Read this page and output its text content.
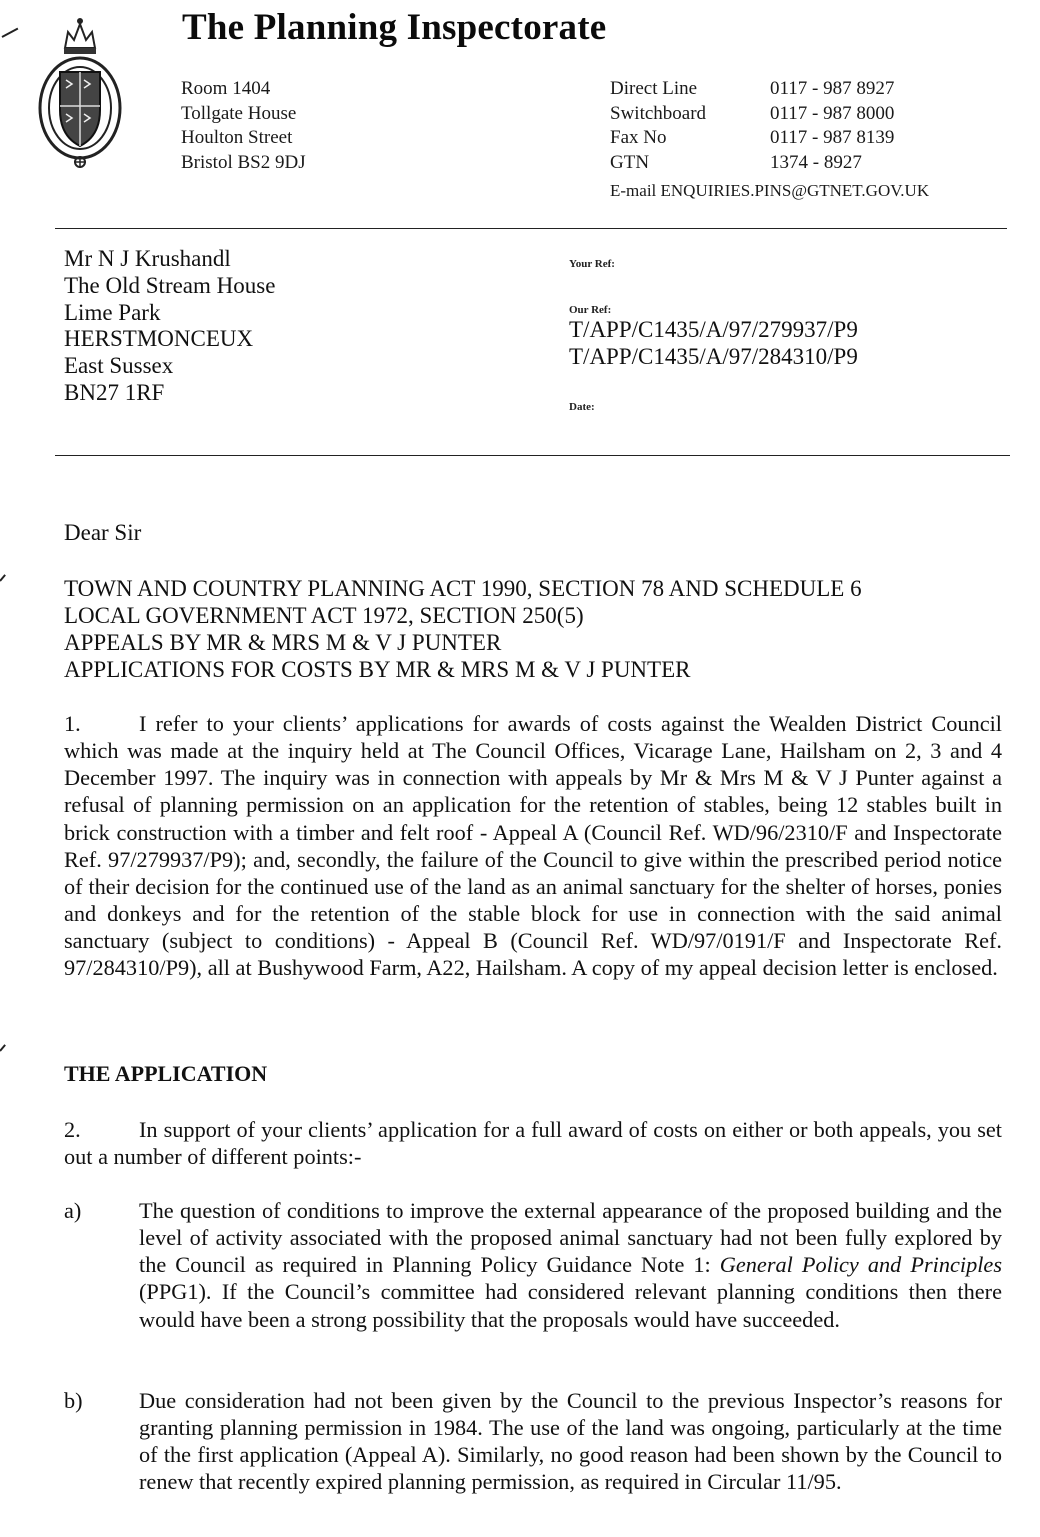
The Planning Inspectorate
Room 1404
Tollgate House
Houlton Street
Bristol BS2 9DJ
Direct Line	0117 - 987 8927
Switchboard	0117 - 987 8000
Fax No	0117 - 987 8139
GTN	1374 - 8927
E-mail ENQUIRIES.PINS@GTNET.GOV.UK
Mr N J Krushandl
The Old Stream House
Lime Park
HERSTMONCEUX
East Sussex
BN27 1RF
Your Ref:
Our Ref:
T/APP/C1435/A/97/279937/P9
T/APP/C1435/A/97/284310/P9
Date:
Dear Sir
TOWN AND COUNTRY PLANNING ACT 1990, SECTION 78 AND SCHEDULE 6
LOCAL GOVERNMENT ACT 1972, SECTION 250(5)
APPEALS BY MR & MRS M & V J PUNTER
APPLICATIONS FOR COSTS BY MR & MRS M & V J PUNTER
1.	I refer to your clients’ applications for awards of costs against the Wealden District Council which was made at the inquiry held at The Council Offices, Vicarage Lane, Hailsham on 2, 3 and 4 December 1997. The inquiry was in connection with appeals by Mr & Mrs M & V J Punter against a refusal of planning permission on an application for the retention of stables, being 12 stables built in brick construction with a timber and felt roof - Appeal A (Council Ref. WD/96/2310/F and Inspectorate Ref. 97/279937/P9); and, secondly, the failure of the Council to give within the prescribed period notice of their decision for the continued use of the land as an animal sanctuary for the shelter of horses, ponies and donkeys and for the retention of the stable block for use in connection with the said animal sanctuary (subject to conditions) - Appeal B (Council Ref. WD/97/0191/F and Inspectorate Ref. 97/284310/P9), all at Bushywood Farm, A22, Hailsham. A copy of my appeal decision letter is enclosed.
THE APPLICATION
2.	In support of your clients’ application for a full award of costs on either or both appeals, you set out a number of different points:-
a)	The question of conditions to improve the external appearance of the proposed building and the level of activity associated with the proposed animal sanctuary had not been fully explored by the Council as required in Planning Policy Guidance Note 1: General Policy and Principles (PPG1). If the Council’s committee had considered relevant planning conditions then there would have been a strong possibility that the proposals would have succeeded.
b)	Due consideration had not been given by the Council to the previous Inspector’s reasons for granting planning permission in 1984. The use of the land was ongoing, particularly at the time of the first application (Appeal A). Similarly, no good reason had been shown by the Council to renew that recently expired planning permission, as required in Circular 11/95.
